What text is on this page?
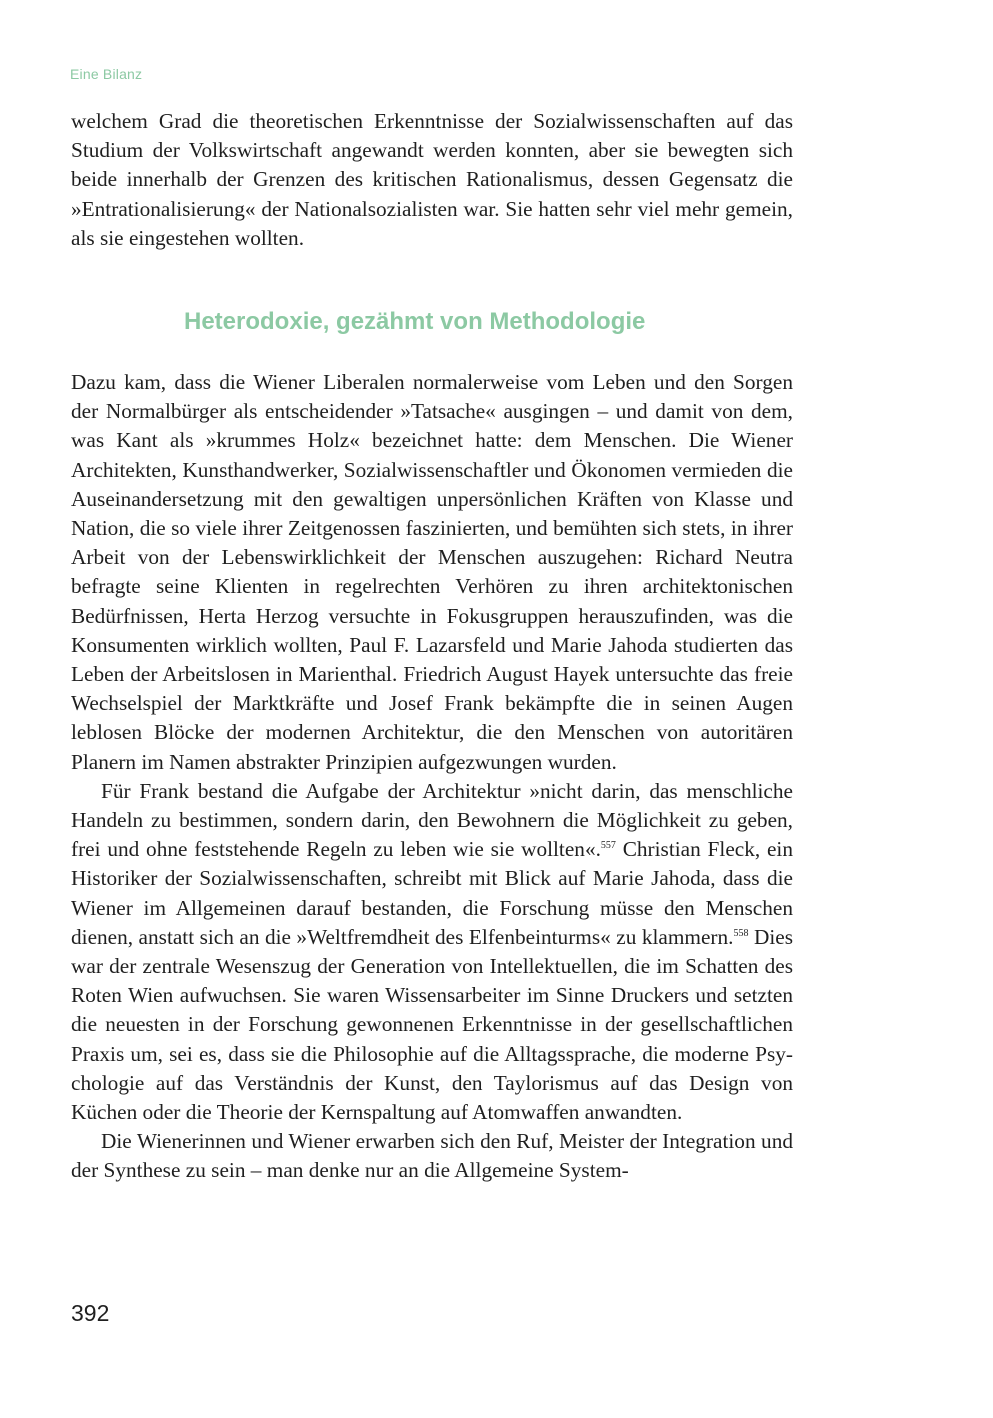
Eine Bilanz

welchem Grad die theoretischen Erkenntnisse der Sozialwissenschaften auf das Studium der Volkswirtschaft angewandt werden konnten, aber sie bewegten sich beide innerhalb der Grenzen des kritischen Rationalismus, dessen Gegensatz die »Entrationalisierung« der Nationalsozialisten war. Sie hatten sehr viel mehr gemein, als sie eingestehen wollten.

Heterodoxie, gezähmt von Methodologie

Dazu kam, dass die Wiener Liberalen normalerweise vom Leben und den Sorgen der Normalbürger als entscheidender »Tatsache« ausgingen – und damit von dem, was Kant als »krummes Holz« bezeichnet hatte: dem Menschen. Die Wiener Architekten, Kunsthandwerker, Sozialwissenschaftler und Ökonomen vermieden die Auseinandersetzung mit den gewaltigen unpersönlichen Kräften von Klasse und Nation, die so viele ihrer Zeitgenossen faszinierten, und bemühten sich stets, in ihrer Arbeit von der Lebenswirklichkeit der Menschen auszugehen: Richard Neutra befragte seine Klienten in regelrechten Verhören zu ihren architektonischen Bedürfnissen, Herta Herzog versuchte in Fokusgruppen herauszufinden, was die Konsumenten wirklich wollten, Paul F. Lazarsfeld und Marie Jahoda studierten das Leben der Arbeitslosen in Marienthal. Friedrich August Hayek untersuchte das freie Wechselspiel der Marktkräfte und Josef Frank bekämpfte die in seinen Augen leblosen Blöcke der modernen Architektur, die den Menschen von autoritären Planern im Namen abstrakter Prinzipien aufgezwungen wurden.

Für Frank bestand die Aufgabe der Architektur »nicht darin, das menschliche Handeln zu bestimmen, sondern darin, den Bewohnern die Möglichkeit zu geben, frei und ohne feststehende Regeln zu leben wie sie wollten«.$^{557}$ Christian Fleck, ein Historiker der Sozialwissenschaften, schreibt mit Blick auf Marie Jahoda, dass die Wiener im Allgemeinen darauf bestanden, die Forschung müsse den Menschen dienen, anstatt sich an die »Weltfremdheit des Elfenbeinturms« zu klammern.$^{558}$ Dies war der zentrale Wesenszug der Generation von Intellektuellen, die im Schatten des Roten Wien aufwuchsen. Sie waren Wissensarbeiter im Sinne Druckers und setzten die neuesten in der Forschung gewonnenen Erkenntnisse in der gesellschaftlichen Praxis um, sei es, dass sie die Philosophie auf die Alltagssprache, die moderne Psychologie auf das Verständnis der Kunst, den Taylorismus auf das Design von Küchen oder die Theorie der Kernspaltung auf Atomwaffen anwandten.

Die Wienerinnen und Wiener erwarben sich den Ruf, Meister der Integration und der Synthese zu sein – man denke nur an die Allgemeine System-

392
